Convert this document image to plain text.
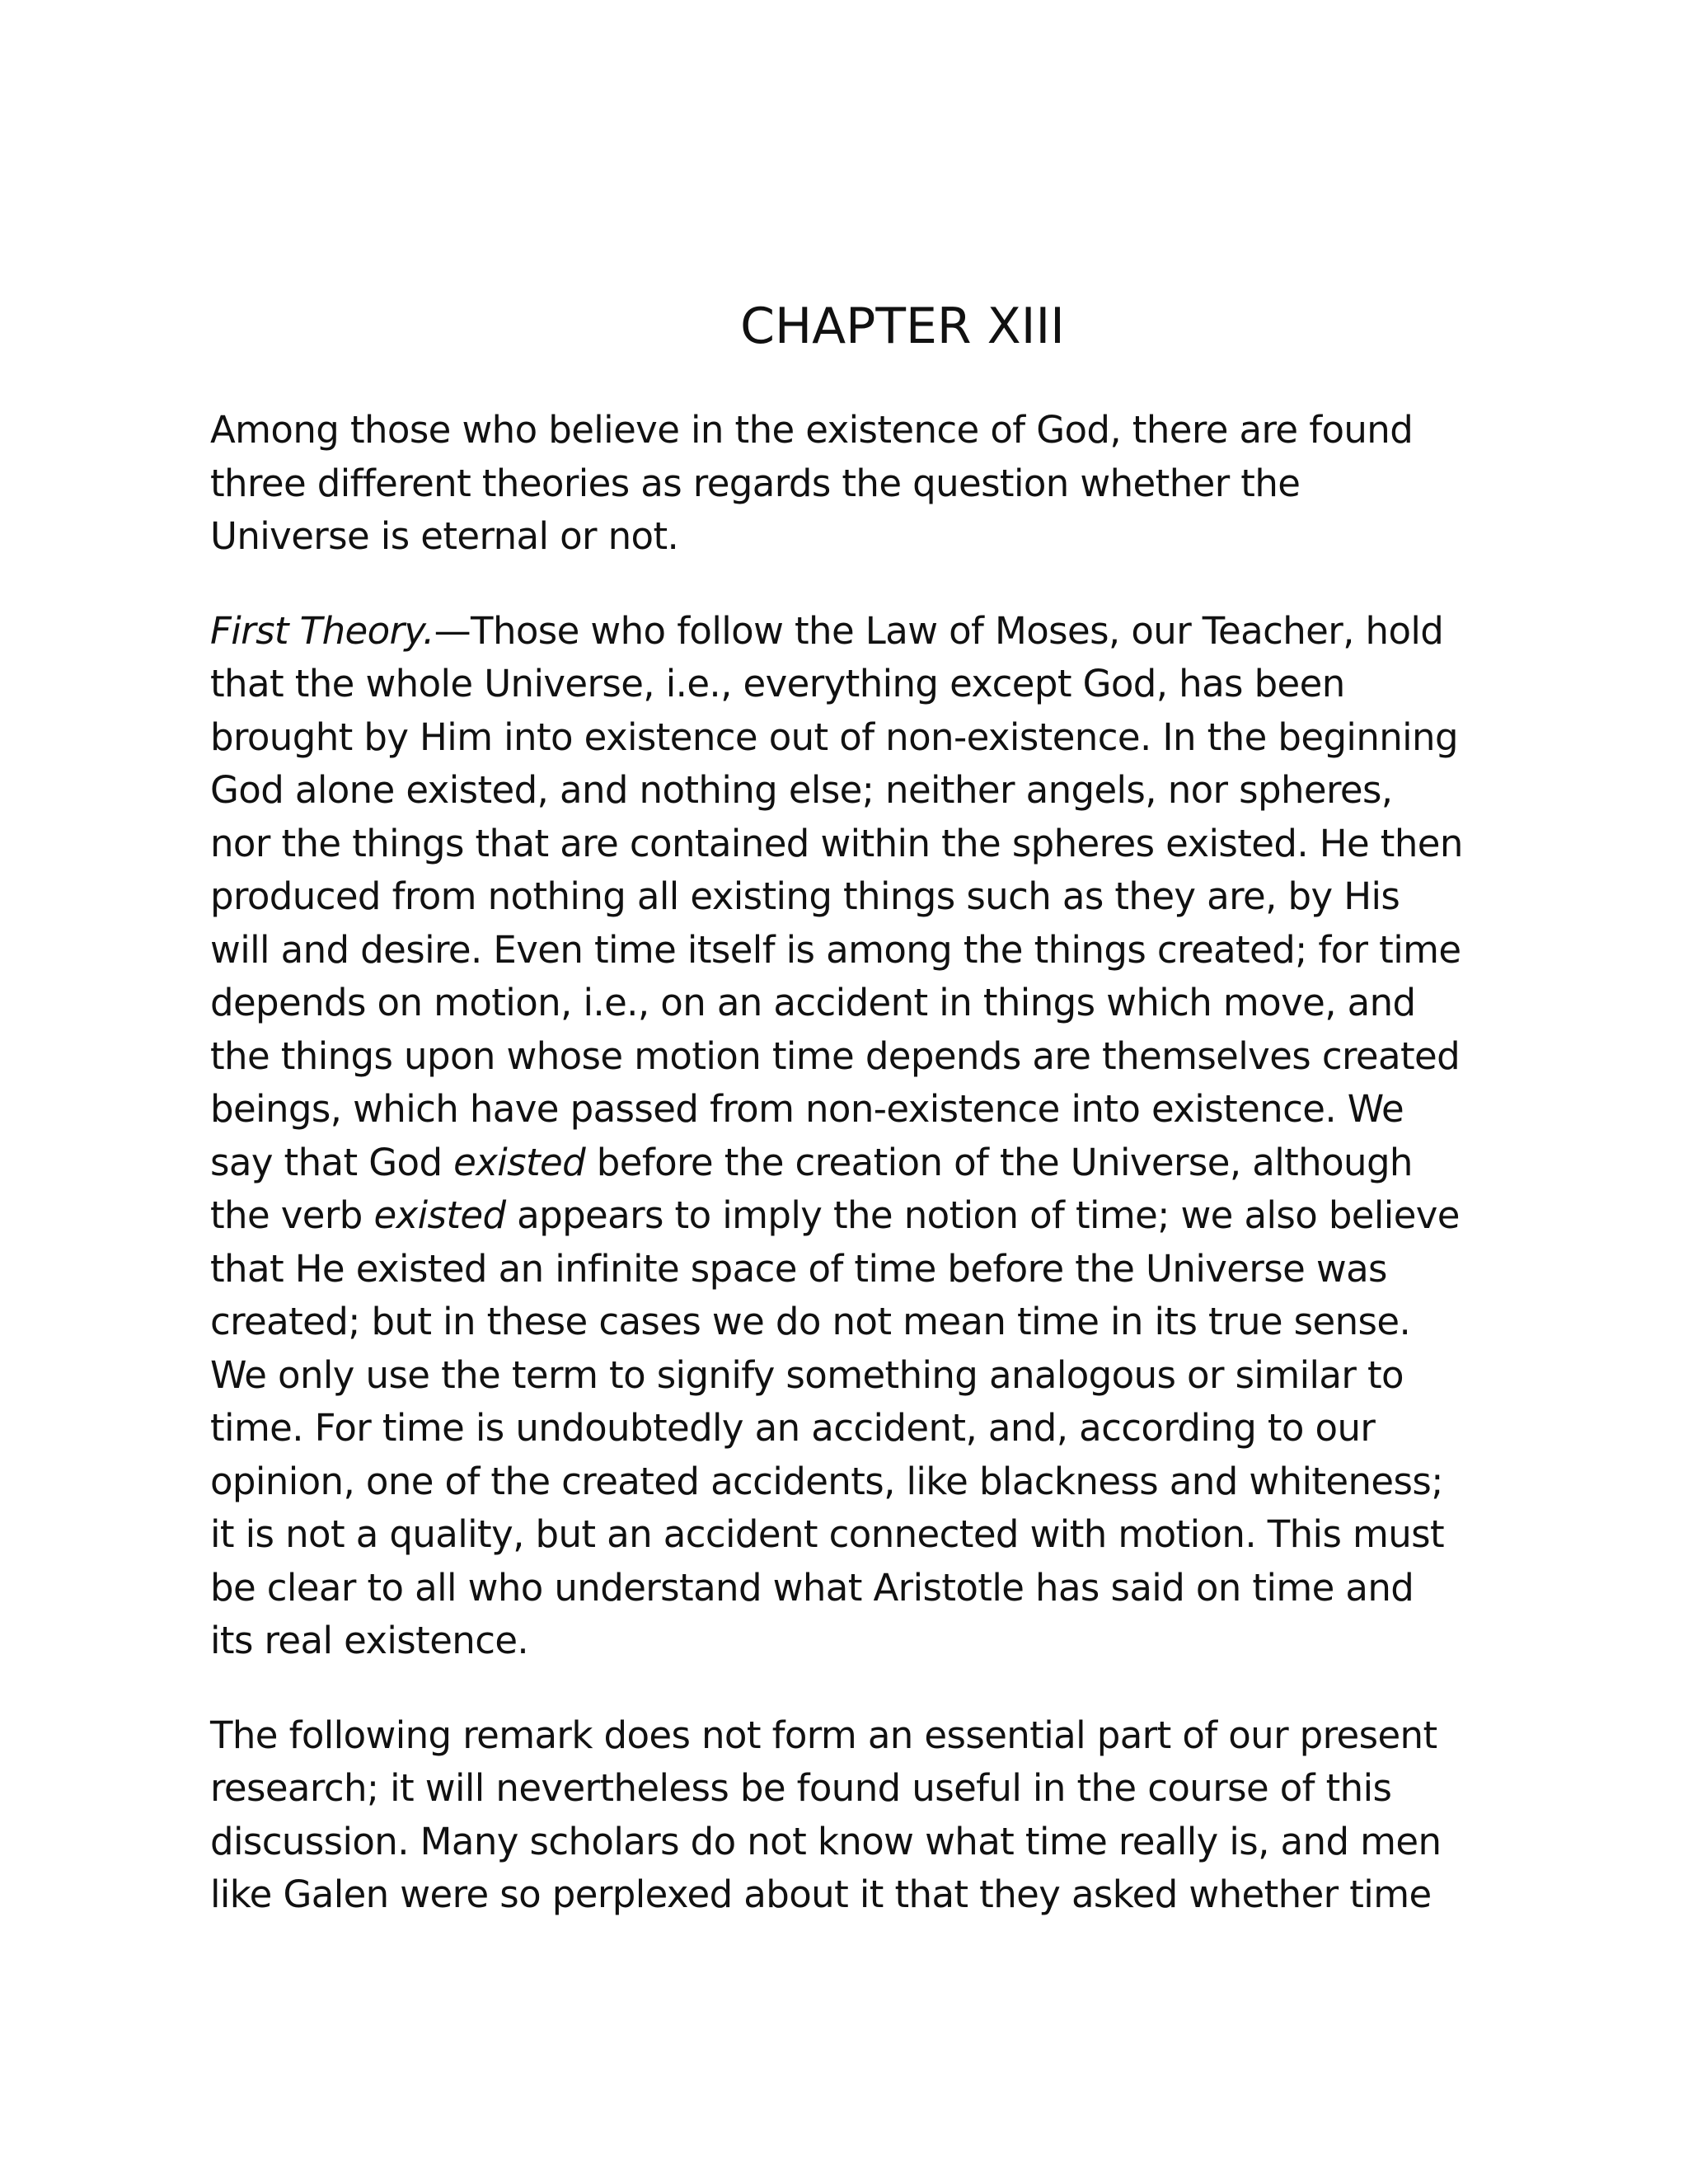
CHAPTER XIII

Among those who believe in the existence of God, there are found
three different theories as regards the question whether the
Universe is eternal or not.

First Theory.—Those who follow the Law of Moses, our Teacher, hold
that the whole Universe, i.e., everything except God, has been
brought by Him into existence out of non-existence. In the beginning
God alone existed, and nothing else; neither angels, nor spheres,
nor the things that are contained within the spheres existed. He then
produced from nothing all existing things such as they are, by His
will and desire. Even time itself is among the things created; for time
depends on motion, i.e., on an accident in things which move, and
the things upon whose motion time depends are themselves created
beings, which have passed from non-existence into existence. We
say that God existed before the creation of the Universe, although
the verb existed appears to imply the notion of time; we also believe
that He existed an infinite space of time before the Universe was
created; but in these cases we do not mean time in its true sense.
We only use the term to signify something analogous or similar to
time. For time is undoubtedly an accident, and, according to our
opinion, one of the created accidents, like blackness and whiteness;
it is not a quality, but an accident connected with motion. This must
be clear to all who understand what Aristotle has said on time and
its real existence.

The following remark does not form an essential part of our present
research; it will nevertheless be found useful in the course of this
discussion. Many scholars do not know what time really is, and men
like Galen were so perplexed about it that they asked whether time
